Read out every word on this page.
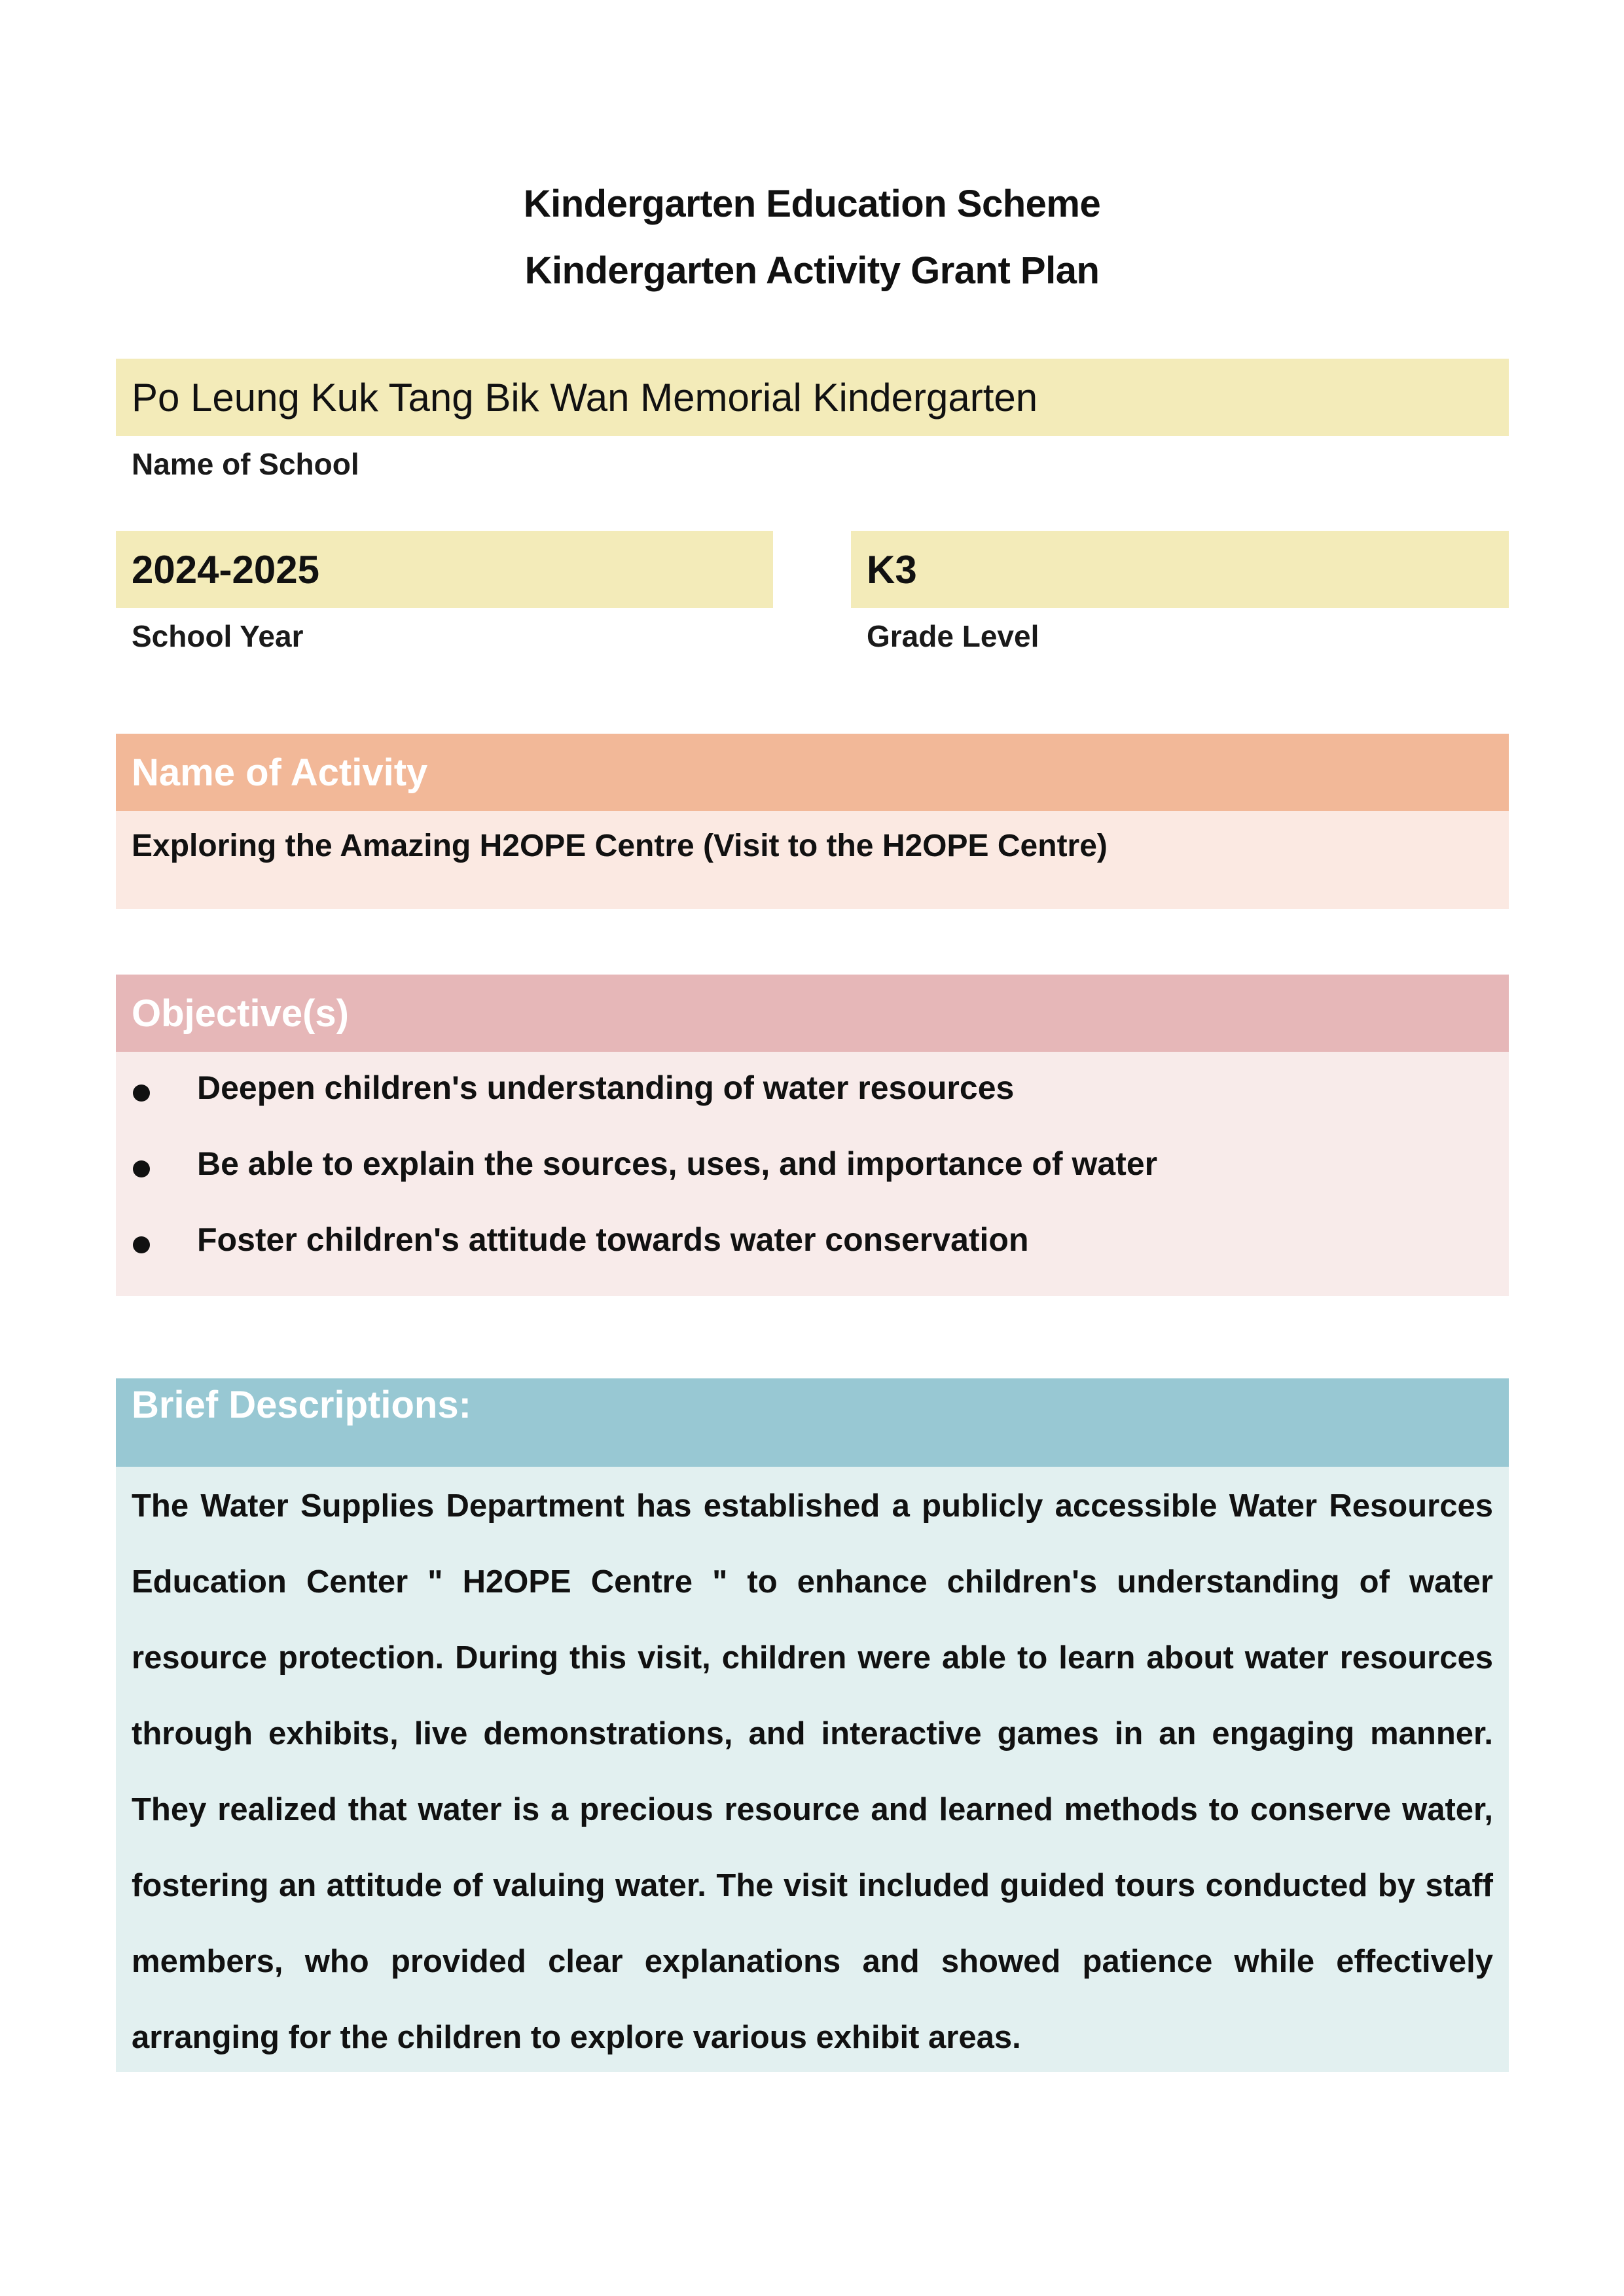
Kindergarten Education Scheme
Kindergarten Activity Grant Plan
Po Leung Kuk Tang Bik Wan Memorial Kindergarten
Name of School
2024-2025
School Year
K3
Grade Level
Name of Activity
Exploring the Amazing H2OPE Centre (Visit to the H2OPE Centre)
Objective(s)
Deepen children's understanding of water resources
Be able to explain the sources, uses, and importance of water
Foster children's attitude towards water conservation
Brief Descriptions:

The Water Supplies Department has established a publicly accessible Water Resources Education Center " H2OPE Centre " to enhance children's understanding of water resource protection. During this visit, children were able to learn about water resources through exhibits, live demonstrations, and interactive games in an engaging manner. They realized that water is a precious resource and learned methods to conserve water, fostering an attitude of valuing water. The visit included guided tours conducted by staff members, who provided clear explanations and showed patience while effectively arranging for the children to explore various exhibit areas.
